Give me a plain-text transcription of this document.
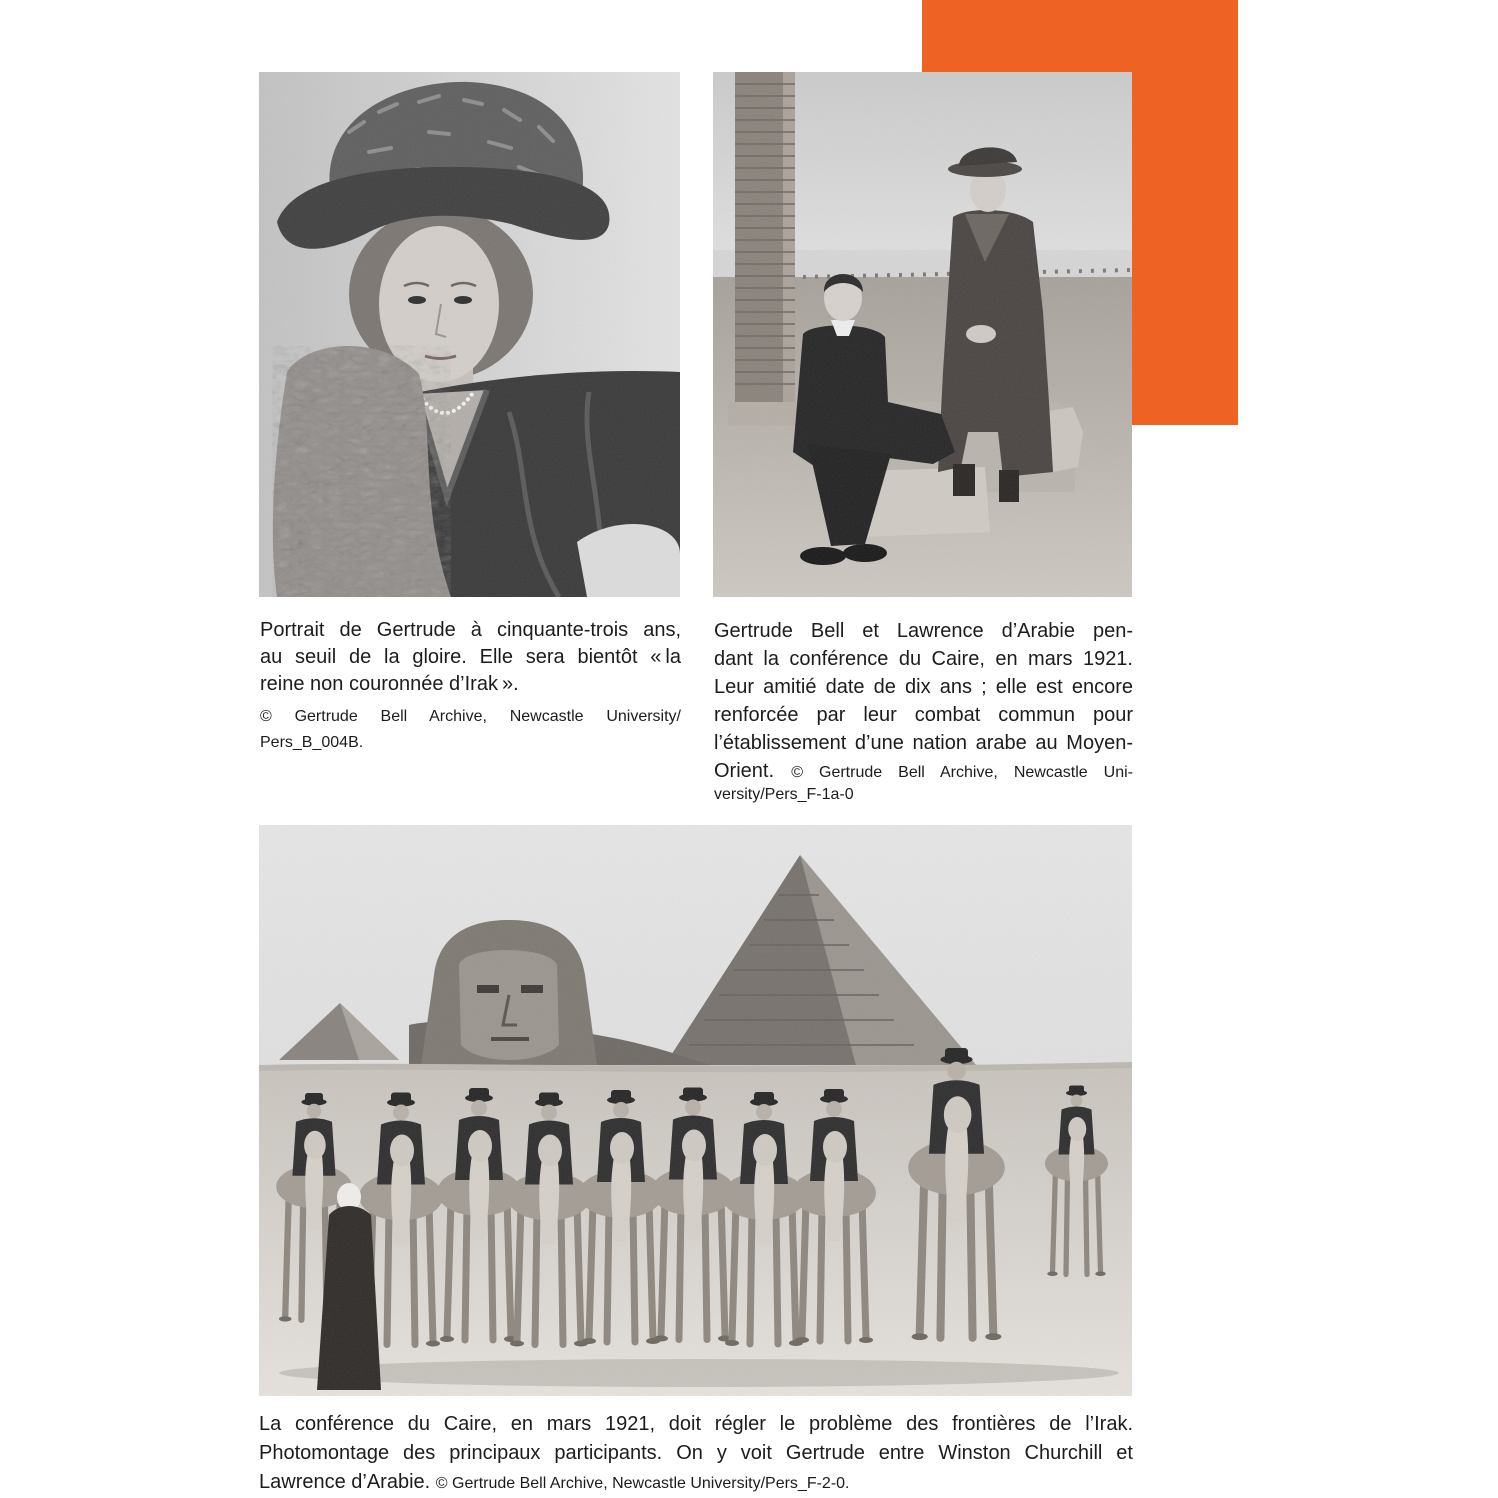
Portrait de Gertrude à cinquante-trois ans,
au seuil de la gloire. Elle sera bientôt « la
reine non couronnée d’Irak ».
© Gertrude Bell Archive, Newcastle University/
Pers_B_004B.
Gertrude Bell et Lawrence d’Arabie pen-
dant la conférence du Caire, en mars 1921.
Leur amitié date de dix ans ; elle est encore
renforcée par leur combat commun pour
l’établissement d’une nation arabe au Moyen-
Orient. © Gertrude Bell Archive, Newcastle Uni-
versity/Pers_F-1a-0
La conférence du Caire, en mars 1921, doit régler le problème des frontières de l’Irak.
Photomontage des principaux participants. On y voit Gertrude entre Winston Churchill et
Lawrence d’Arabie. © Gertrude Bell Archive, Newcastle University/Pers_F-2-0.
